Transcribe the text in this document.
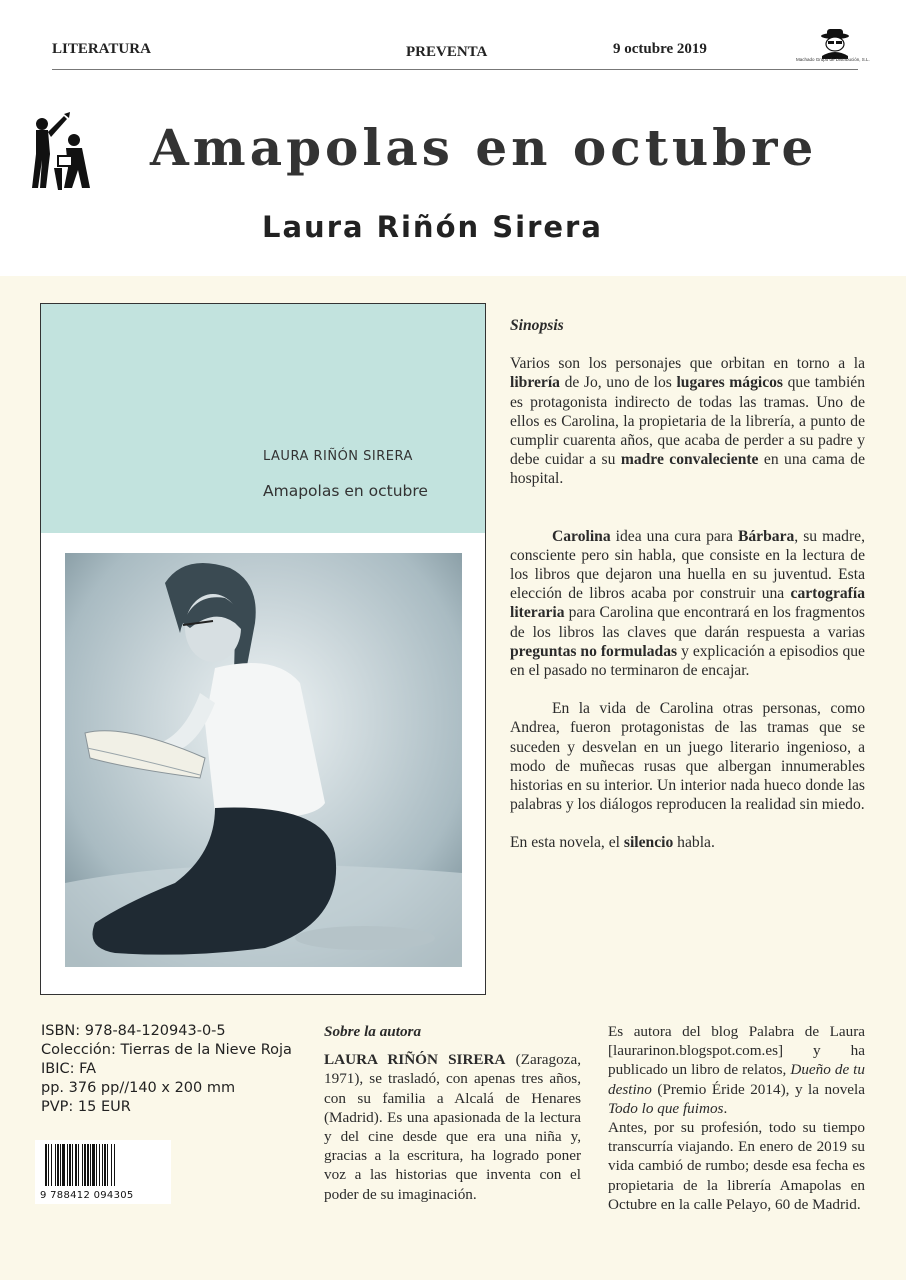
LITERATURA	PREVENTA	9 octubre 2019
Machado Grupo de Distribución, S.L.
Amapolas en octubre
Laura Riñón Sirera
LAURA RIÑÓN SIRERA
Amapolas en octubre

Sinopsis

Varios son los personajes que orbitan en torno a la librería de Jo, uno de los lugares mágicos que también es protagonista indirecto de todas las tramas. Uno de ellos es Carolina, la propietaria de la librería, a punto de cumplir cuarenta años, que acaba de perder a su padre y debe cuidar a su madre convaleciente en una cama de hospital.

Carolina idea una cura para Bárbara, su madre, consciente pero sin habla, que consiste en la lectura de los libros que dejaron una huella en su juventud. Esta elección de libros acaba por construir una cartografía literaria para Carolina que encontrará en los fragmentos de los libros las claves que darán respuesta a varias preguntas no formuladas y explicación a episodios que en el pasado no terminaron de encajar.

En la vida de Carolina otras personas, como Andrea, fueron protagonistas de las tramas que se suceden y desvelan en un juego literario ingenioso, a modo de muñecas rusas que albergan innumerables historias en su interior. Un interior nada hueco donde las palabras y los diálogos reproducen la realidad sin miedo.

En esta novela, el silencio habla.

ISBN: 978-84-120943-0-5
Colección: Tierras de la Nieve Roja
IBIC: FA
pp. 376 pp//140 x 200 mm
PVP: 15 EUR
9 788412 094305

Sobre la autora

LAURA RIÑÓN SIRERA (Zaragoza, 1971), se trasladó, con apenas tres años, con su familia a Alcalá de Henares (Madrid). Es una apasionada de la lectura y del cine desde que era una niña y, gracias a la escritura, ha logrado poner voz a las historias que inventa con el poder de su imaginación.

Es autora del blog Palabra de Laura [laurarinon.blogspot.com.es] y ha publicado un libro de relatos, Dueño de tu destino (Premio Éride 2014), y la novela Todo lo que fuimos.

Antes, por su profesión, todo su tiempo transcurría viajando. En enero de 2019 su vida cambió de rumbo; desde esa fecha es propietaria de la librería Amapolas en Octubre en la calle Pelayo, 60 de Madrid.
